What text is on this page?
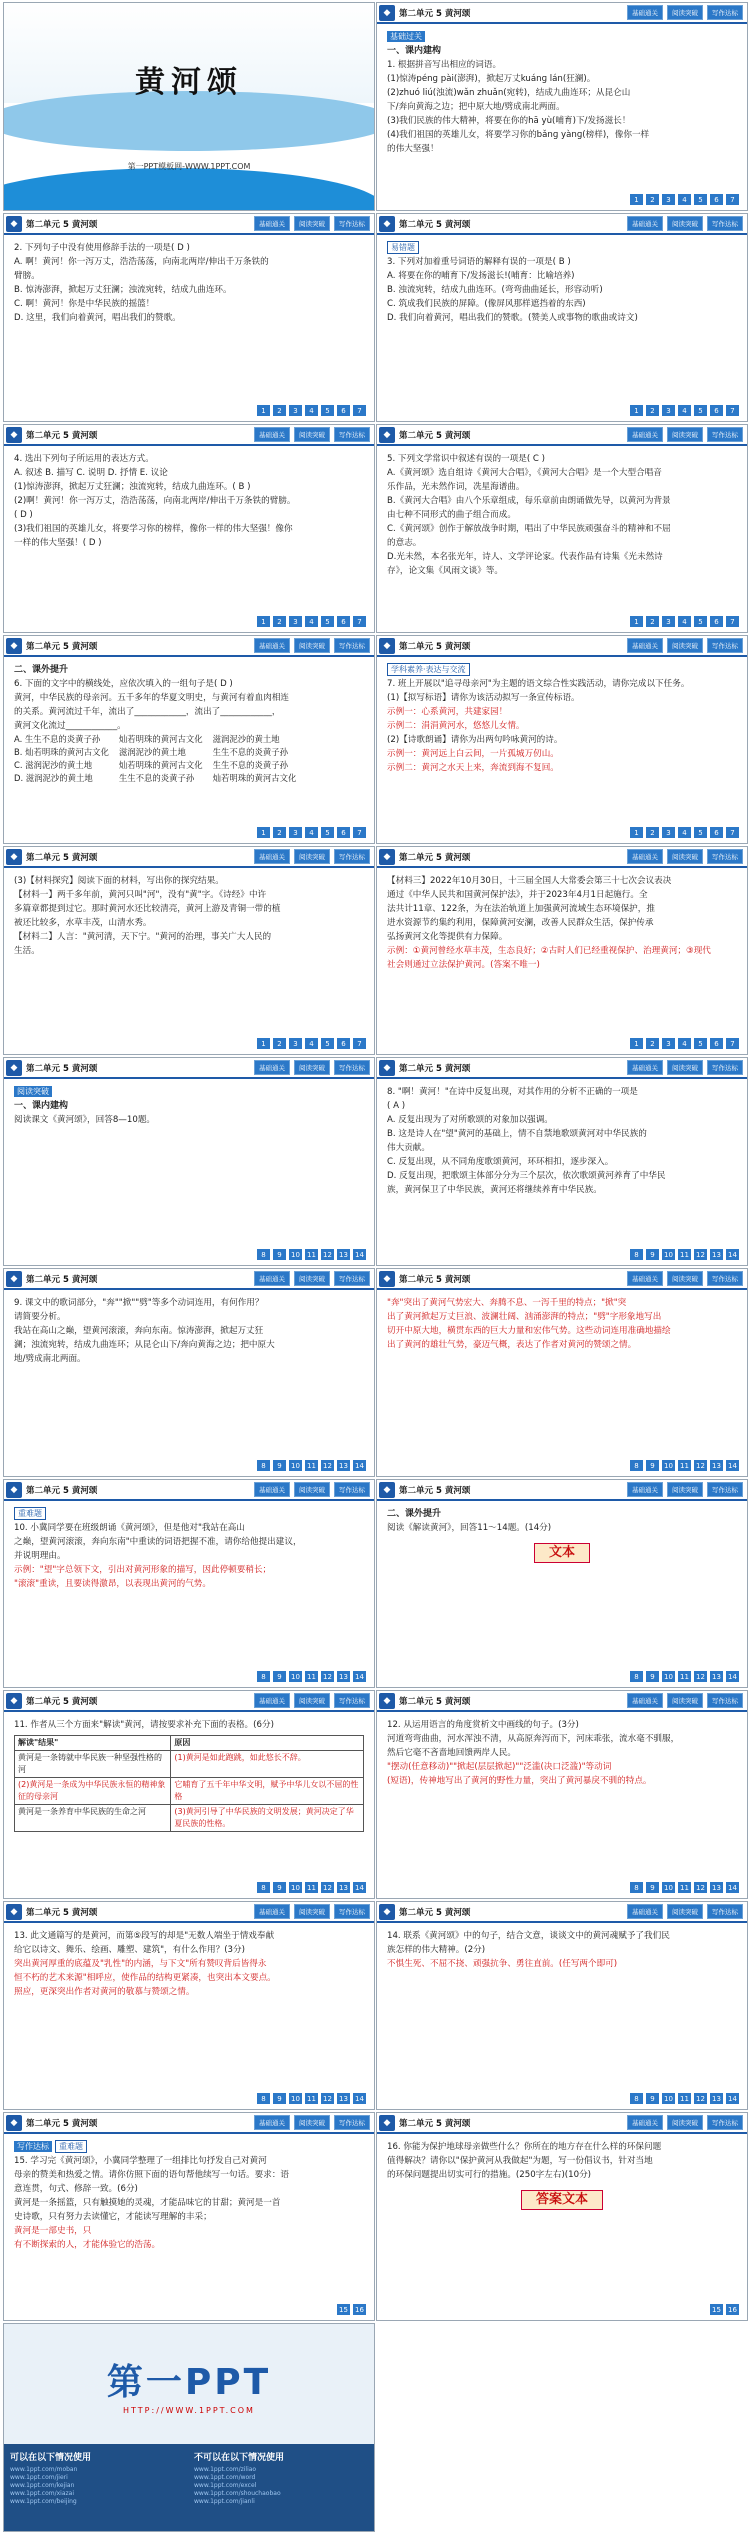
黄河颂
第一PPT模板网-WWW.1PPT.COM
◆	第二单元 5 黄河颂	基础通关	阅读突破	写作达标
基础过关

一、课内建构

1. 根据拼音写出相应的词语。

(1)惊涛pénɡ pài(澎湃)，掀起万丈kuánɡ lán(狂澜)。

(2)zhuó liú(浊流)wǎn zhuǎn(宛转)，结成九曲连环；从昆仑山

下/奔向黄海之边；把中原大地/劈成南北两面。

(3)我们民族的伟大精神，将要在你的hā yù(哺育)下/发扬滋长！

(4)我们祖国的英雄儿女，将要学习你的bǎnɡ yànɡ(榜样)，像你一样

的伟大坚强！

1	2	3	4	5	6	7
◆	第二单元 5 黄河颂	基础通关	阅读突破	写作达标

2. 下列句子中没有使用修辞手法的一项是( D )

A. 啊！黄河！你一泻万丈，浩浩荡荡，向南北两岸/伸出千万条铁的

臂膀。

B. 惊涛澎湃，掀起万丈狂澜；浊流宛转，结成九曲连环。

C. 啊！黄河！你是中华民族的摇篮！

D. 这里，我们向着黄河，唱出我们的赞歌。

1	2	3	4	5	6	7
◆	第二单元 5 黄河颂	基础通关	阅读突破	写作达标
易错题

3. 下列对加着重号词语的解释有误的一项是( B )

A. 将要在你的哺育下/发扬滋长!(哺育：比喻培养)

B. 浊流宛转，结成九曲连环。(弯弯曲曲延长，形容动听)

C. 筑成我们民族的屏障。(像屏风那样遮挡着的东西)

D. 我们向着黄河，唱出我们的赞歌。(赞美人或事物的歌曲或诗文)

1	2	3	4	5	6	7
◆	第二单元 5 黄河颂	基础通关	阅读突破	写作达标

4. 选出下列句子所运用的表达方式。

A. 叙述 B. 描写 C. 说明 D. 抒情 E. 议论

(1)惊涛澎湃，掀起万丈狂澜；浊流宛转，结成九曲连环。( B )

(2)啊！黄河！你一泻万丈，浩浩荡荡，向南北两岸/伸出千万条铁的臂膀。

( D )

(3)我们祖国的英雄儿女，将要学习你的榜样，像你一样的伟大坚强！像你

一样的伟大坚强！( D )

1	2	3	4	5	6	7
◆	第二单元 5 黄河颂	基础通关	阅读突破	写作达标

5. 下列文学常识中叙述有误的一项是( C )

A.《黄河颂》选自组诗《黄河大合唱》，《黄河大合唱》是一个大型合唱音

乐作品，光未然作词，冼星海谱曲。

B.《黄河大合唱》由八个乐章组成，每乐章前由朗诵做先导，以黄河为背景

由七种不同形式的曲子组合而成。

C.《黄河颂》创作于解放战争时期，唱出了中华民族顽强奋斗的精神和不屈

的意志。

D.光未然，本名张光年，诗人、文学评论家。代表作品有诗集《光未然诗

存》，论文集《风雨文谈》等。

1	2	3	4	5	6	7
◆	第二单元 5 黄河颂	基础通关	阅读突破	写作达标

二、课外提升

6. 下面的文字中的横线处，应依次填入的一组句子是( D )

黄河，中华民族的母亲河。五千多年的华夏文明史，与黄河有着血肉相连

的关系。黄河流过千年，流出了____________，流出了____________，

黄河文化流过____________。

A. 生生不息的炎黄子孙	灿若明珠的黄河古文化	滋润泥沙的黄土地
B. 灿若明珠的黄河古文化	滋润泥沙的黄土地	生生不息的炎黄子孙
C. 滋润泥沙的黄土地	灿若明珠的黄河古文化	生生不息的炎黄子孙
D. 滋润泥沙的黄土地	生生不息的炎黄子孙	灿若明珠的黄河古文化
1	2	3	4	5	6	7
◆	第二单元 5 黄河颂	基础通关	阅读突破	写作达标
学科素养·表达与交流

7. 班上开展以"追寻母亲河"为主题的语文综合性实践活动，请你完成以下任务。

(1)【拟写标语】请你为该活动拟写一条宣传标语。

示例一：心系黄河，共建家园！

示例二：涓涓黄河水，悠悠儿女情。

(2)【诗歌朗诵】请你为出两句吟咏黄河的诗。

示例一：黄河远上白云间，一片孤城万仞山。

示例二：黄河之水天上来，奔流到海不复回。

1	2	3	4	5	6	7
◆	第二单元 5 黄河颂	基础通关	阅读突破	写作达标

(3)【材料探究】阅读下面的材料，写出你的探究结果。

【材料一】两千多年前，黄河只叫"河"，没有"黄"字。《诗经》中许

多篇章都提到过它。那时黄河水还比较清亮，黄河上游及青铜一带的植

被还比较多，水草丰茂，山清水秀。

【材料二】人言："黄河清，天下宁。"黄河的治理，事关广大人民的

生活。

1	2	3	4	5	6	7
◆	第二单元 5 黄河颂	基础通关	阅读突破	写作达标

【材料三】2022年10月30日，十三届全国人大常委会第三十七次会议表决

通过《中华人民共和国黄河保护法》，并于2023年4月1日起施行。全

法共计11章、122条，为在法治轨道上加强黄河流域生态环境保护，推

进水资源节约集约利用，保障黄河安澜，改善人民群众生活，保护传承

弘扬黄河文化等提供有力保障。

示例：①黄河曾经水草丰茂，生态良好；②古时人们已经重视保护、治理黄河；③现代

社会则通过立法保护黄河。(答案不唯一)

1	2	3	4	5	6	7
◆	第二单元 5 黄河颂	基础通关	阅读突破	写作达标
阅读突破

一、课内建构

阅读课文《黄河颂》，回答8—10题。

8	9	10 11 12 13 14
◆	第二单元 5 黄河颂	基础通关	阅读突破	写作达标

8. "啊！黄河！"在诗中反复出现，对其作用的分析不正确的一项是

( A )

A. 反复出现为了对所歌颂的对象加以强调。

B. 这是诗人在"望"黄河的基础上，情不自禁地歌颂黄河对中华民族的

伟大贡献。

C. 反复出现，从不同角度歌颂黄河，环环相扣，逐步深入。

D. 反复出现，把歌颂主体部分分为三个层次，依次歌颂黄河养育了中华民

族，黄河保卫了中华民族，黄河还将继续养育中华民族。

8	9	10 11 12 13 14
◆	第二单元 5 黄河颂	基础通关	阅读突破	写作达标

9. 课文中的歌词部分，"奔""掀""劈"等多个动词连用，有何作用？

请简要分析。

我站在高山之巅，望黄河滚滚，奔向东南。惊涛澎湃，掀起万丈狂

澜；浊流宛转，结成九曲连环；从昆仑山下/奔向黄海之边；把中原大

地/劈成南北两面。

8	9	10 11 12 13 14
◆	第二单元 5 黄河颂	基础通关	阅读突破	写作达标

"奔"突出了黄河气势宏大、奔腾不息、一泻千里的特点；"掀"突

出了黄河掀起万丈巨浪、波澜壮阔、汹涌澎湃的特点；"劈"字形象地写出

切开中原大地，横贯东西的巨大力量和宏伟气势。这些动词连用准确地描绘

出了黄河的雄壮气势，豪迈气概，表达了作者对黄河的赞颂之情。

8	9	10 11 12 13 14
◆	第二单元 5 黄河颂	基础通关	阅读突破	写作达标
重难题

10. 小冀同学要在班级朗诵《黄河颂》，但是他对"我站在高山

之巅，望黄河滚滚，奔向东南"中重读的词语把握不准，请你给他提出建议，

并说明理由。

示例："望"字总领下文，引出对黄河形象的描写，因此停顿要稍长；

"滚滚"重读，且要读得激昂，以表现出黄河的气势。

8	9	10 11 12 13 14
◆	第二单元 5 黄河颂	基础通关	阅读突破	写作达标

二、课外提升

阅读《解读黄河》，回答11～14题。(14分)

文本
8	9	10 11 12 13 14
◆	第二单元 5 黄河颂	基础通关	阅读突破	写作达标

11. 作者从三个方面来"解读"黄河，请按要求补充下面的表格。(6分)

解读"结果"	原因
黄河是一条铸就中华民族一种坚强性格的河	(1)黄河是如此跑跳，如此悠长不辞。
(2)黄河是一条成为中华民族永恒的精神象征的母亲河	它哺育了五千年中华文明，赋予中华儿女以不屈的性格
黄河是一条养育中华民族的生命之河	(3)黄河引导了中华民族的文明发展；黄河决定了华夏民族的性格。
8	9	10 11 12 13 14
◆	第二单元 5 黄河颂	基础通关	阅读突破	写作达标

12. 从运用语言的角度赏析文中画线的句子。(3分)

河道弯弯曲曲，河水浑浊不清，从高原奔泻而下，河床乖张，流水毫不驯服，

然后它毫不吝啬地回馈两岸人民。

"摆动(任意移动)""掀起(层层掀起)""泛滥(决口泛滥)"等动词

(短语)，传神地写出了黄河的野性力量，突出了黄河暴戾不驯的特点。

8	9	10 11 12 13 14
◆	第二单元 5 黄河颂	基础通关	阅读突破	写作达标

13. 此文通篇写的是黄河，而第⑤段写的却是"无数人端坐于情戏奉献

给它以诗文、舞乐、绘画、雕塑、建筑"，有什么作用？(3分)

突出黄河厚重的底蕴及"乳性"的内涵，与下文"所有赞叹背后皆得永

恒不朽的艺术来源"相呼应，使作品的结构更紧凑，也突出本文要点。

照应，更深突出作者对黄河的敬慕与赞颂之情。

8	9	10 11 12 13 14
◆	第二单元 5 黄河颂	基础通关	阅读突破	写作达标

14. 联系《黄河颂》中的句子，结合文意，谈谈文中的黄河魂赋予了我们民

族怎样的伟大精神。(2分)

不惧生死、不屈不挠、顽强抗争、勇往直前。(任写两个即可)

8	9	10 11 12 13 14
◆	第二单元 5 黄河颂	基础通关	阅读突破	写作达标
写作达标 重难题

15. 学习完《黄河颂》，小冀同学整理了一组排比句抒发自己对黄河

母亲的赞美和热爱之情。请你仿照下面的语句帮他续写一句话。要求：语

意连贯，句式、修辞一致。(6分)

黄河是一条摇篮，只有触摸她的灵魂，才能品味它的甘甜；黄河是一首

史诗歌，只有努力去读懂它，才能读写理解的丰采；

黄河是一部史书，只

有不断探索的人，才能体验它的浩荡。

15 16
◆	第二单元 5 黄河颂	基础通关	阅读突破	写作达标

16. 你能为保护地球母亲做些什么？你所在的地方存在什么样的环保问题

值得解决？请你以"保护黄河从我做起"为题，写一份倡议书，针对当地

的环保问题提出切实可行的措施。(250字左右)(10分)

答案文本
15 16
第一PPT
HTTP://WWW.1PPT.COM
可以在以下情况使用
www.1ppt.com/moban
www.1ppt.com/jieri
www.1ppt.com/kejian
www.1ppt.com/xiazai
www.1ppt.com/beijing
不可以在以下情况使用
www.1ppt.com/ziliao
www.1ppt.com/word
www.1ppt.com/excel
www.1ppt.com/shouchaobao
www.1ppt.com/jianli
